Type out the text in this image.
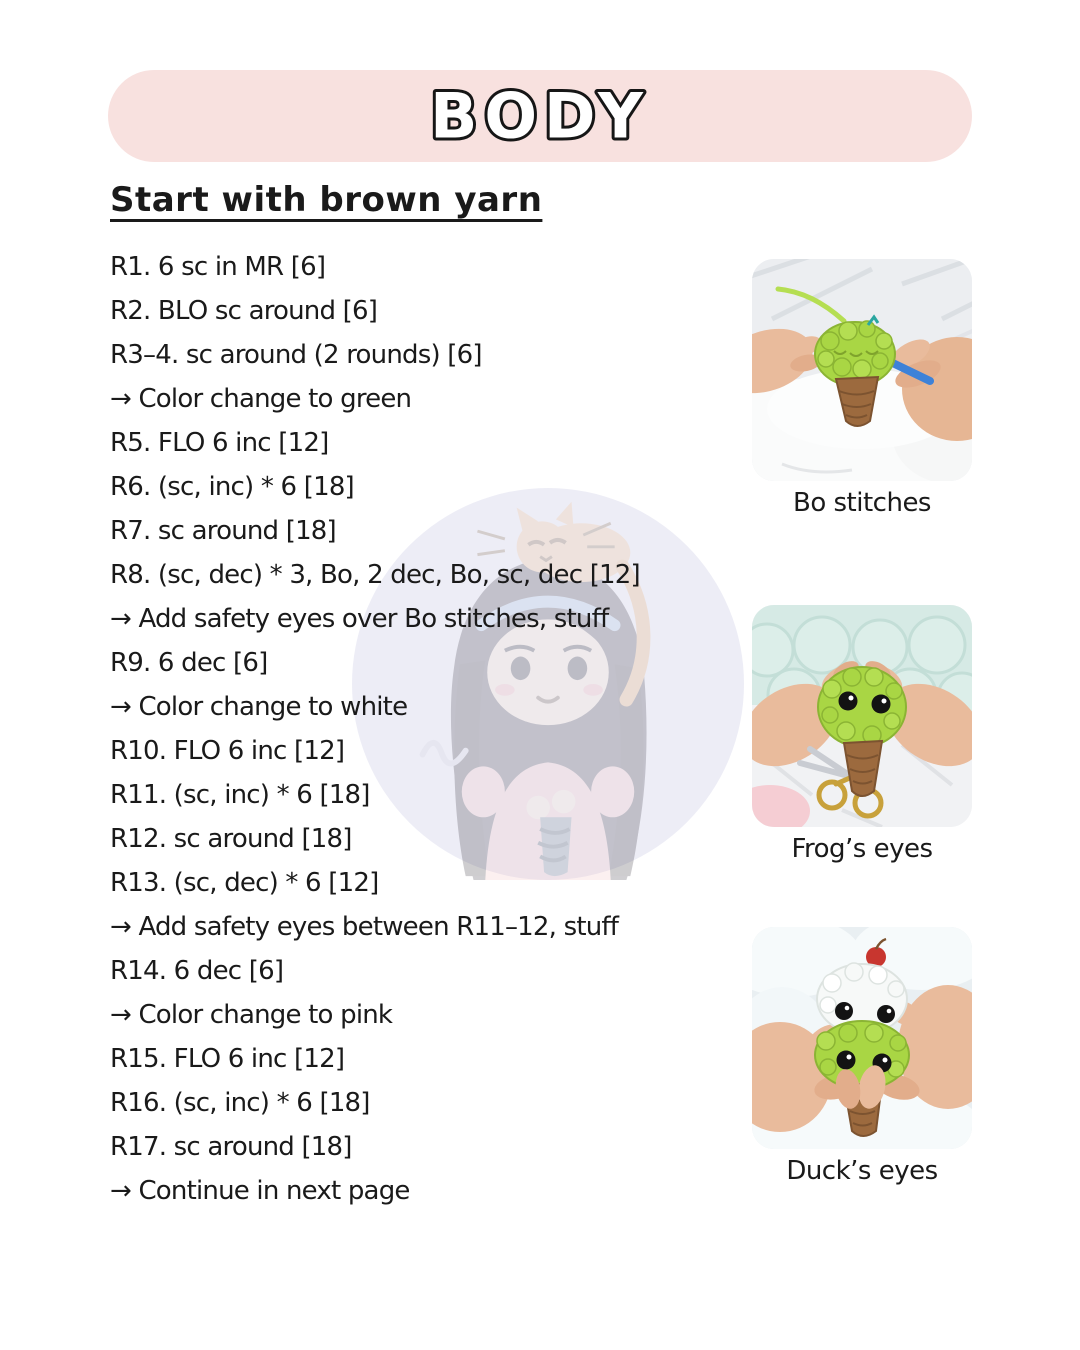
BODY
Start with brown yarn
R1. 6 sc in MR [6]
R2. BLO sc around [6]
R3–4. sc around (2 rounds) [6]
→ Color change to green
R5. FLO 6 inc [12]
R6. (sc, inc) * 6 [18]
R7. sc around [18]
R8. (sc, dec) * 3, Bo, 2 dec, Bo, sc, dec [12]
→ Add safety eyes over Bo stitches, stuff
R9. 6 dec [6]
→ Color change to white
R10. FLO 6 inc [12]
R11. (sc, inc) * 6 [18]
R12. sc around [18]
R13. (sc, dec) * 6 [12]
→ Add safety eyes between R11–12, stuff
R14. 6 dec [6]
→ Color change to pink
R15. FLO 6 inc [12]
R16. (sc, inc) * 6 [18]
R17. sc around [18]
→ Continue in next page
Bo stitches
Frog’s eyes
Duck’s eyes
